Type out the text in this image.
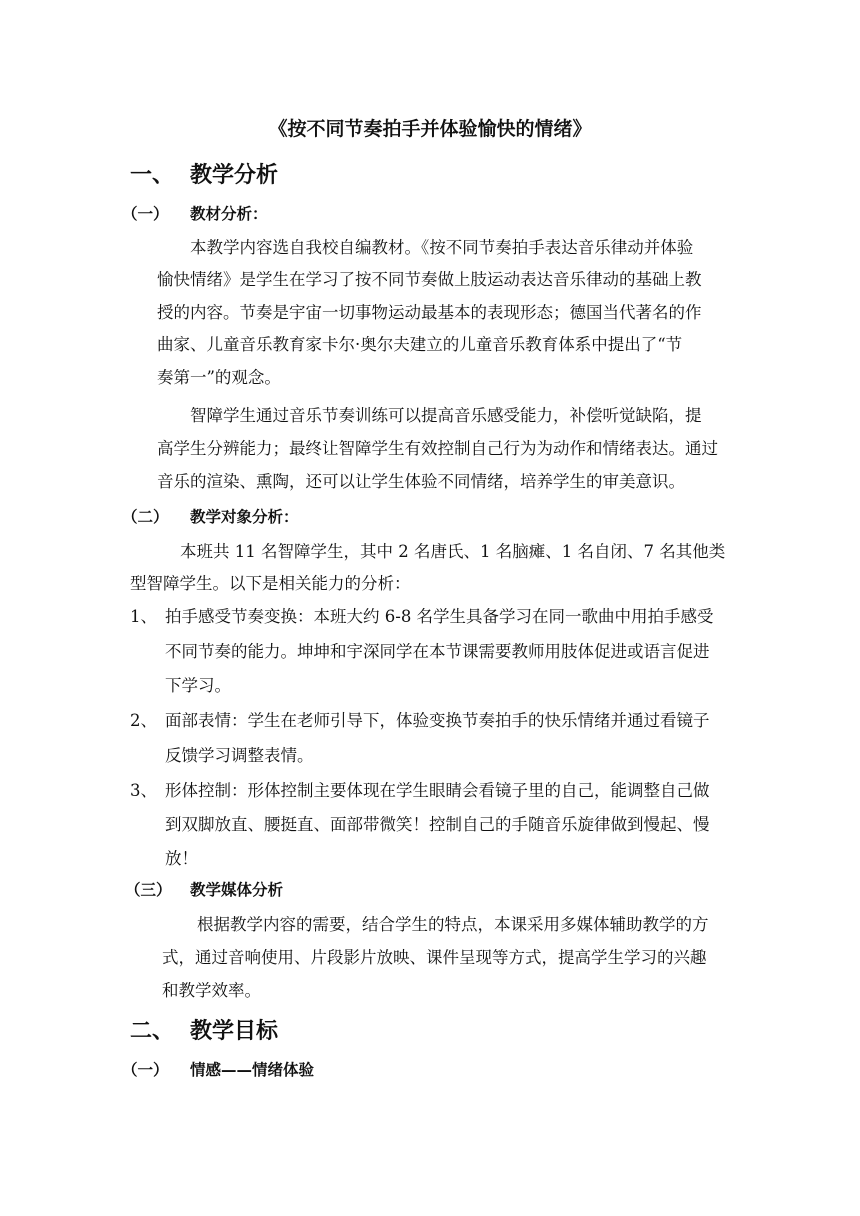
《按不同节奏拍手并体验愉快的情绪》
一、 教学分析
（一） 教材分析：
本教学内容选自我校自编教材。《按不同节奏拍手表达音乐律动并体验
愉快情绪》是学生在学习了按不同节奏做上肢运动表达音乐律动的基础上教
授的内容。节奏是宇宙一切事物运动最基本的表现形态；德国当代著名的作
曲家、儿童音乐教育家卡尔·奥尔夫建立的儿童音乐教育体系中提出了“节
奏第一”的观念。
智障学生通过音乐节奏训练可以提高音乐感受能力，补偿听觉缺陷，提
高学生分辨能力；最终让智障学生有效控制自己行为为动作和情绪表达。通过
音乐的渲染、熏陶，还可以让学生体验不同情绪，培养学生的审美意识。
（二） 教学对象分析：
本班共 11 名智障学生，其中 2 名唐氏、1 名脑瘫、1 名自闭、7 名其他类
型智障学生。以下是相关能力的分析：
1、 拍手感受节奏变换：本班大约 6-8 名学生具备学习在同一歌曲中用拍手感受
不同节奏的能力。坤坤和宇深同学在本节课需要教师用肢体促进或语言促进
下学习。
2、 面部表情：学生在老师引导下，体验变换节奏拍手的快乐情绪并通过看镜子
反馈学习调整表情。
3、 形体控制：形体控制主要体现在学生眼睛会看镜子里的自己，能调整自己做
到双脚放直、腰挺直、面部带微笑！控制自己的手随音乐旋律做到慢起、慢
放！
（三） 教学媒体分析
根据教学内容的需要，结合学生的特点，本课采用多媒体辅助教学的方
式，通过音响使用、片段影片放映、课件呈现等方式，提高学生学习的兴趣
和教学效率。
二、 教学目标
（一） 情感——情绪体验
